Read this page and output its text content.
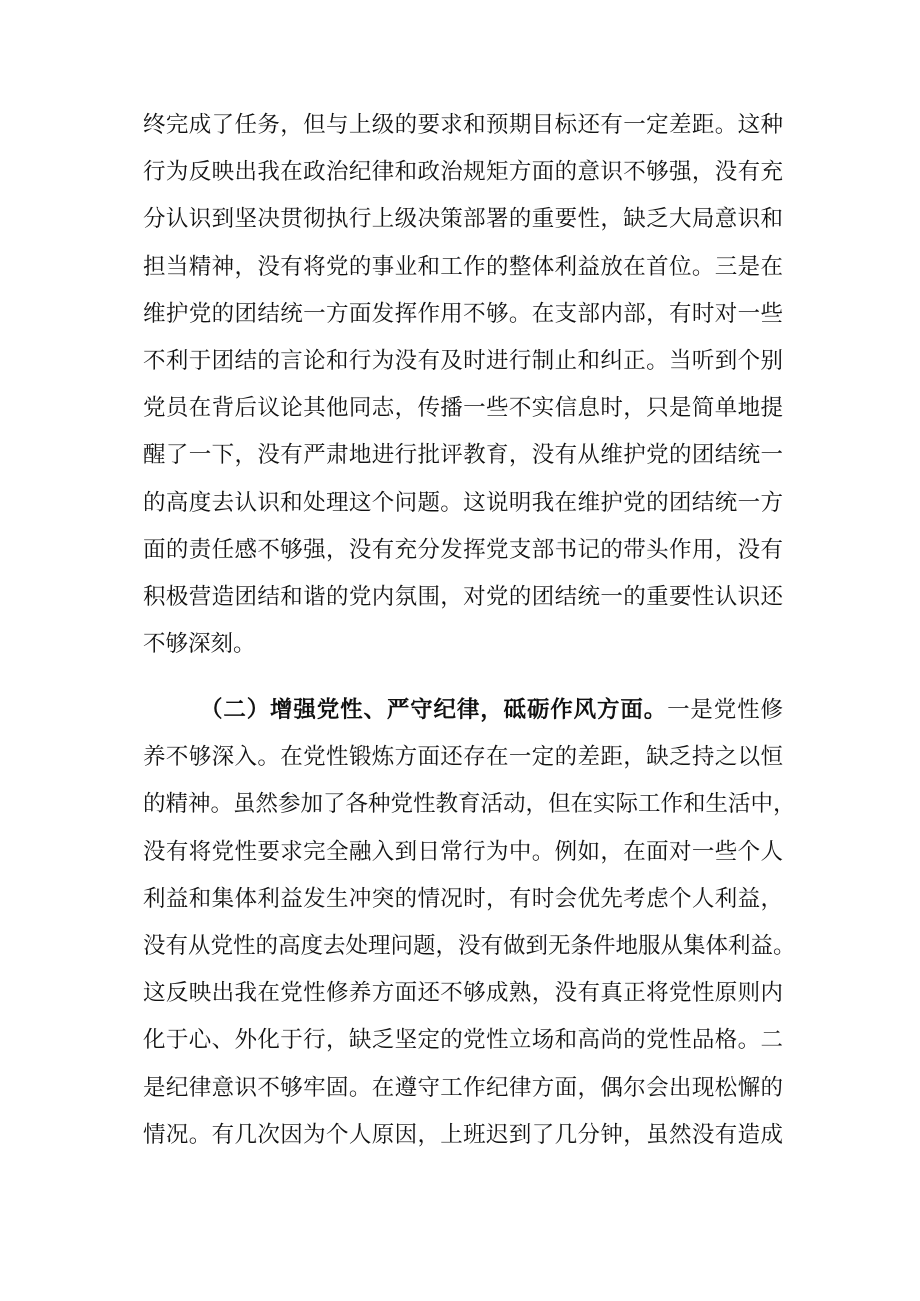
终完成了任务，但与上级的要求和预期目标还有一定差距。这种
行为反映出我在政治纪律和政治规矩方面的意识不够强，没有充
分认识到坚决贯彻执行上级决策部署的重要性，缺乏大局意识和
担当精神，没有将党的事业和工作的整体利益放在首位。三是在
维护党的团结统一方面发挥作用不够。在支部内部，有时对一些
不利于团结的言论和行为没有及时进行制止和纠正。当听到个别
党员在背后议论其他同志，传播一些不实信息时，只是简单地提
醒了一下，没有严肃地进行批评教育，没有从维护党的团结统一
的高度去认识和处理这个问题。这说明我在维护党的团结统一方
面的责任感不够强，没有充分发挥党支部书记的带头作用，没有
积极营造团结和谐的党内氛围，对党的团结统一的重要性认识还
不够深刻。
（二）增强党性、严守纪律，砥砺作风方面。一是党性修
养不够深入。在党性锻炼方面还存在一定的差距，缺乏持之以恒
的精神。虽然参加了各种党性教育活动，但在实际工作和生活中，
没有将党性要求完全融入到日常行为中。例如，在面对一些个人
利益和集体利益发生冲突的情况时，有时会优先考虑个人利益，
没有从党性的高度去处理问题，没有做到无条件地服从集体利益。
这反映出我在党性修养方面还不够成熟，没有真正将党性原则内
化于心、外化于行，缺乏坚定的党性立场和高尚的党性品格。二
是纪律意识不够牢固。在遵守工作纪律方面，偶尔会出现松懈的
情况。有几次因为个人原因，上班迟到了几分钟，虽然没有造成
